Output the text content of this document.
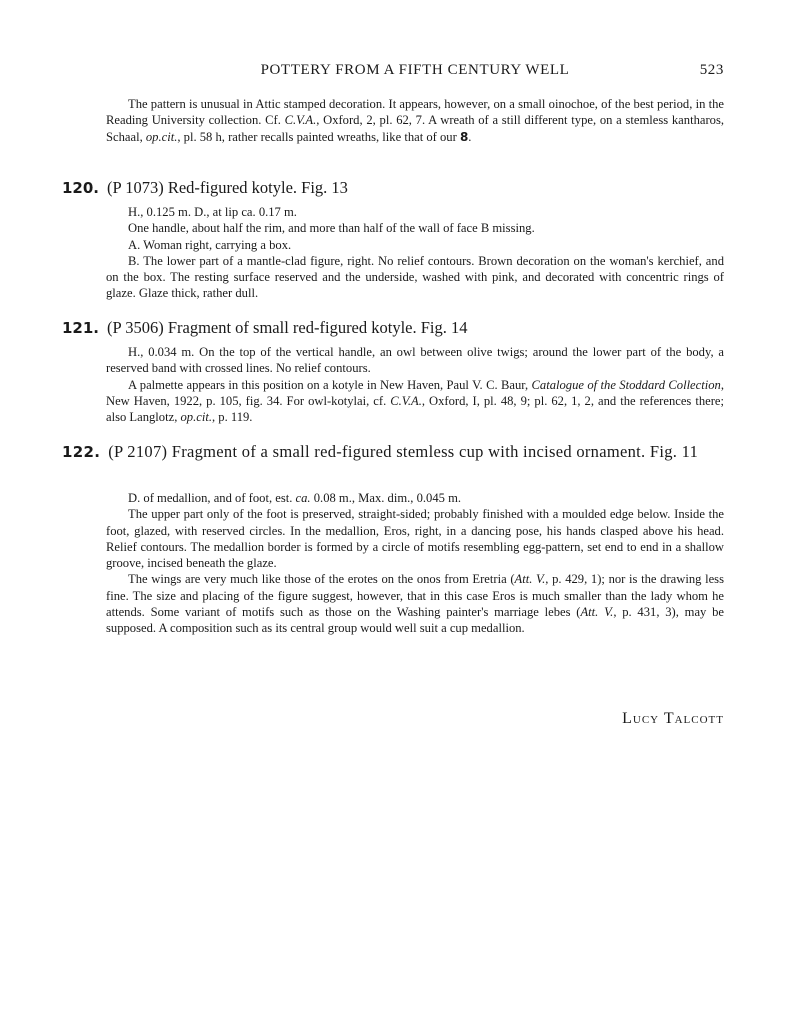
POTTERY FROM A FIFTH CENTURY WELL	523

The pattern is unusual in Attic stamped decoration. It appears, however, on a small oinochoe, of the best period, in the Reading University collection. Cf. C.V.A., Oxford, 2, pl. 62, 7. A wreath of a still different type, on a stemless kantharos, Schaal, op.cit., pl. 58 h, rather recalls painted wreaths, like that of our 8.

120. (P 1073) Red-figured kotyle. Fig. 13

H., 0.125 m. D., at lip ca. 0.17 m.

One handle, about half the rim, and more than half of the wall of face B missing.

A. Woman right, carrying a box.

B. The lower part of a mantle-clad figure, right. No relief contours. Brown decoration on the woman's kerchief, and on the box. The resting surface reserved and the underside, washed with pink, and decorated with concentric rings of glaze. Glaze thick, rather dull.

121. (P 3506) Fragment of small red-figured kotyle. Fig. 14

H., 0.034 m. On the top of the vertical handle, an owl between olive twigs; around the lower part of the body, a reserved band with crossed lines. No relief contours.

A palmette appears in this position on a kotyle in New Haven, Paul V. C. Baur, Catalogue of the Stoddard Collection, New Haven, 1922, p. 105, fig. 34. For owl-kotylai, cf. C.V.A., Oxford, I, pl. 48, 9; pl. 62, 1, 2, and the references there; also Langlotz, op.cit., p. 119.

122. (P 2107) Fragment of a small red-figured stemless cup with incised ornament. Fig. 11

D. of medallion, and of foot, est. ca. 0.08 m., Max. dim., 0.045 m.

The upper part only of the foot is preserved, straight-sided; probably finished with a moulded edge below. Inside the foot, glazed, with reserved circles. In the medallion, Eros, right, in a dancing pose, his hands clasped above his head. Relief contours. The medallion border is formed by a circle of motifs resembling egg-pattern, set end to end in a shallow groove, incised beneath the glaze.

The wings are very much like those of the erotes on the onos from Eretria (Att. V., p. 429, 1); nor is the drawing less fine. The size and placing of the figure suggest, however, that in this case Eros is much smaller than the lady whom he attends. Some variant of motifs such as those on the Washing painter's marriage lebes (Att. V., p. 431, 3), may be supposed. A composition such as its central group would well suit a cup medallion.

Lucy Talcott
